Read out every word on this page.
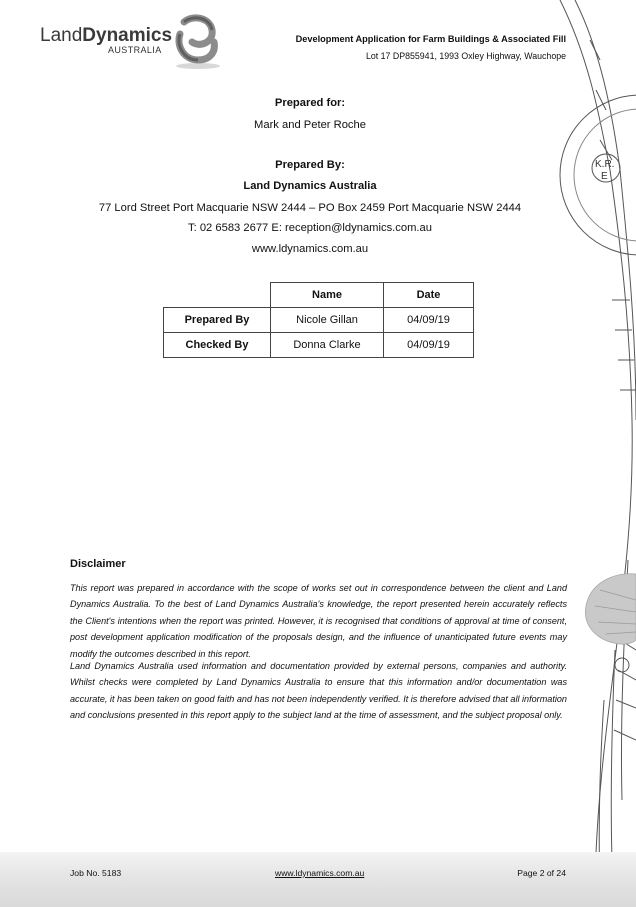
K.R.
E
LandDynamics
AUSTRALIA
Development Application for Farm Buildings & Associated Fill
Lot 17 DP855941, 1993 Oxley Highway, Wauchope
Prepared for:
Mark and Peter Roche
Prepared By:
Land Dynamics Australia
77 Lord Street Port Macquarie NSW 2444 – PO Box 2459 Port Macquarie NSW 2444
T: 02 6583 2677 E: reception@ldynamics.com.au
www.ldynamics.com.au
	Name	Date
Prepared By	Nicole Gillan	04/09/19
Checked By	Donna Clarke	04/09/19
Disclaimer
This report was prepared in accordance with the scope of works set out in correspondence between the client and Land Dynamics Australia. To the best of Land Dynamics Australia's knowledge, the report presented herein accurately reflects the Client's intentions when the report was printed. However, it is recognised that conditions of approval at time of consent, post development application modification of the proposals design, and the influence of unanticipated future events may modify the outcomes described in this report.
Land Dynamics Australia used information and documentation provided by external persons, companies and authority. Whilst checks were completed by Land Dynamics Australia to ensure that this information and/or documentation was accurate, it has been taken on good faith and has not been independently verified. It is therefore advised that all information and conclusions presented in this report apply to the subject land at the time of assessment, and the subject proposal only.
Job No. 5183	www.ldynamics.com.au	Page 2 of 24
